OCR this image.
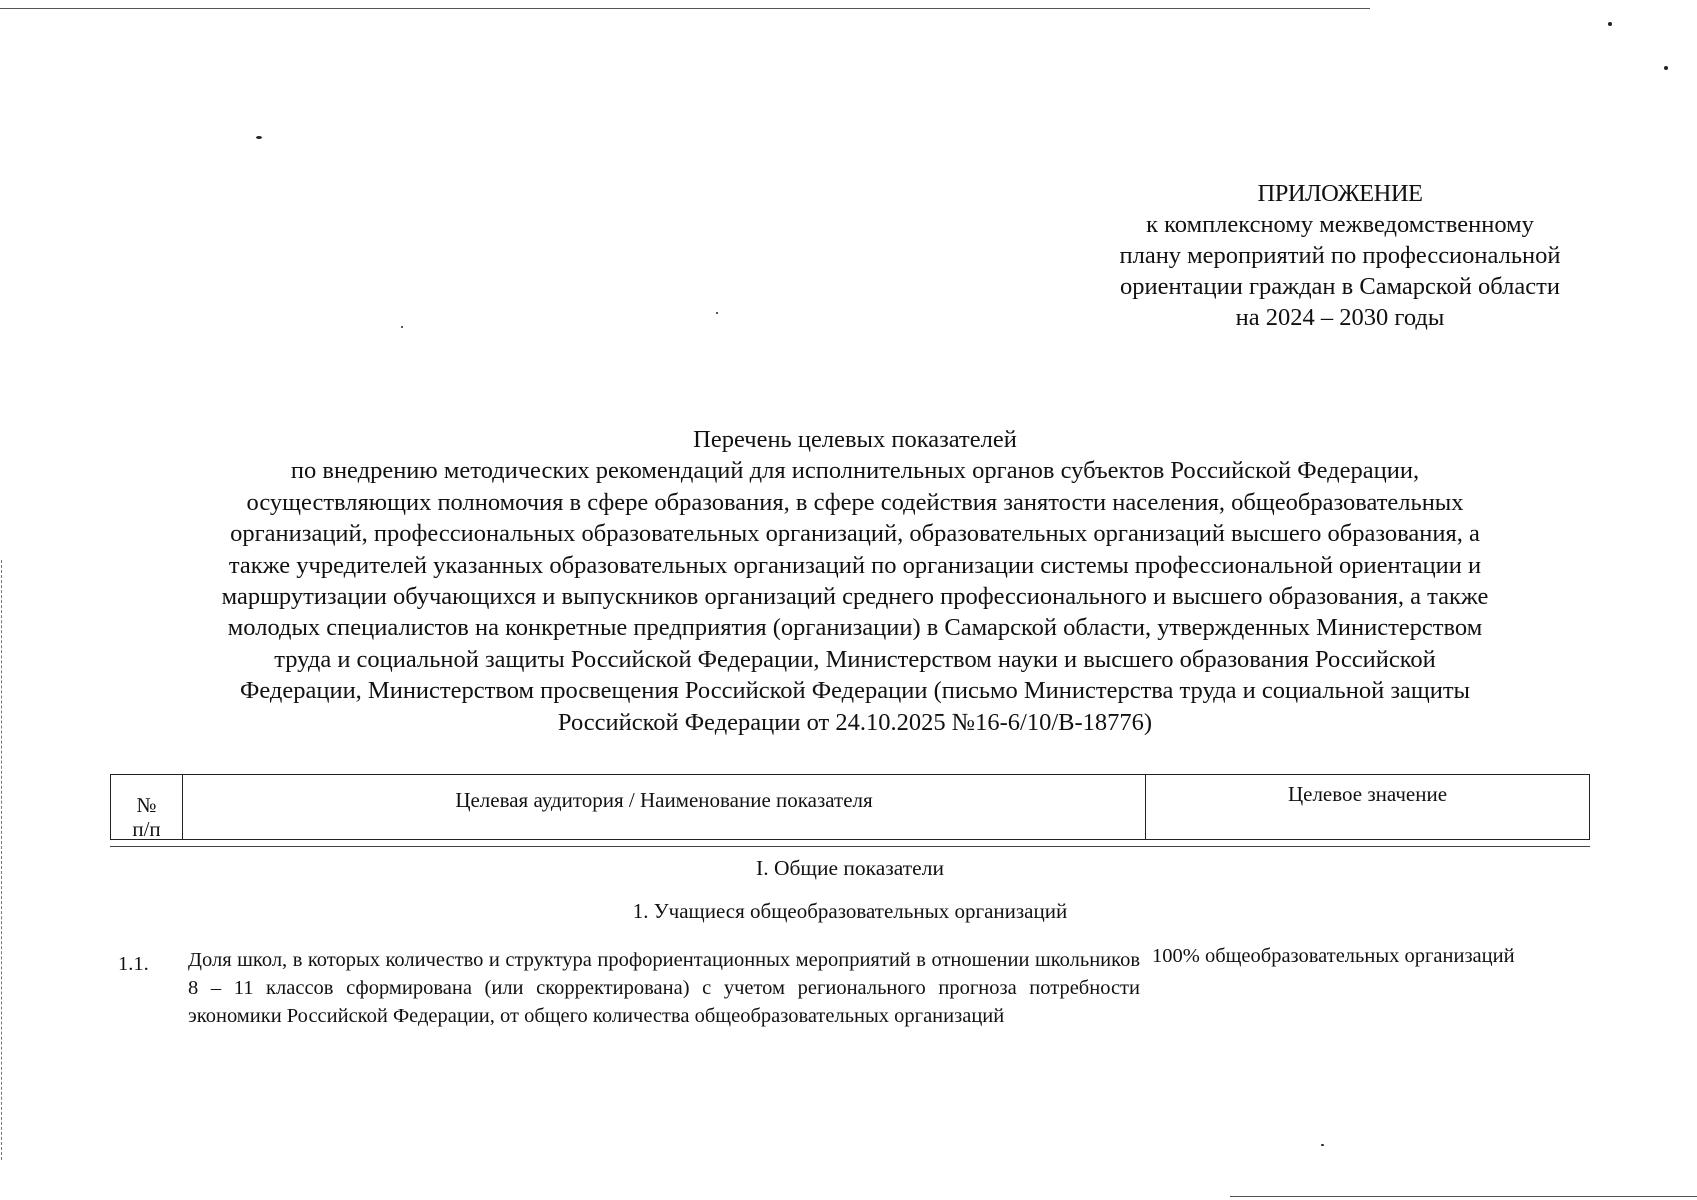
ПРИЛОЖЕНИЕ
к комплексному межведомственному
плану мероприятий по профессиональной
ориентации граждан в Самарской области
на 2024 – 2030 годы
Перечень целевых показателей
по внедрению методических рекомендаций для исполнительных органов субъектов Российской Федерации,
осуществляющих полномочия в сфере образования, в сфере содействия занятости населения, общеобразовательных
организаций, профессиональных образовательных организаций, образовательных организаций высшего образования, а
также учредителей указанных образовательных организаций по организации системы профессиональной ориентации и
маршрутизации обучающихся и выпускников организаций среднего профессионального и высшего образования, а также
молодых специалистов на конкретные предприятия (организации) в Самарской области, утвержденных Министерством
труда и социальной защиты Российской Федерации, Министерством науки и высшего образования Российской
Федерации, Министерством просвещения Российской Федерации (письмо Министерства труда и социальной защиты
Российской Федерации от 24.10.2025 №16-6/10/В-18776)
№
п/п
Целевая аудитория / Наименование показателя	Целевое значение
I. Общие показатели
1. Учащиеся общеобразовательных организаций
1.1. Доля школ, в которых количество и структура профориентационных мероприятий в отношении школьников 8 – 11 классов сформирована (или скорректирована) с учетом регионального прогноза потребности экономики Российской Федерации, от общего количества общеобразовательных организаций
100% общеобразовательных организаций
